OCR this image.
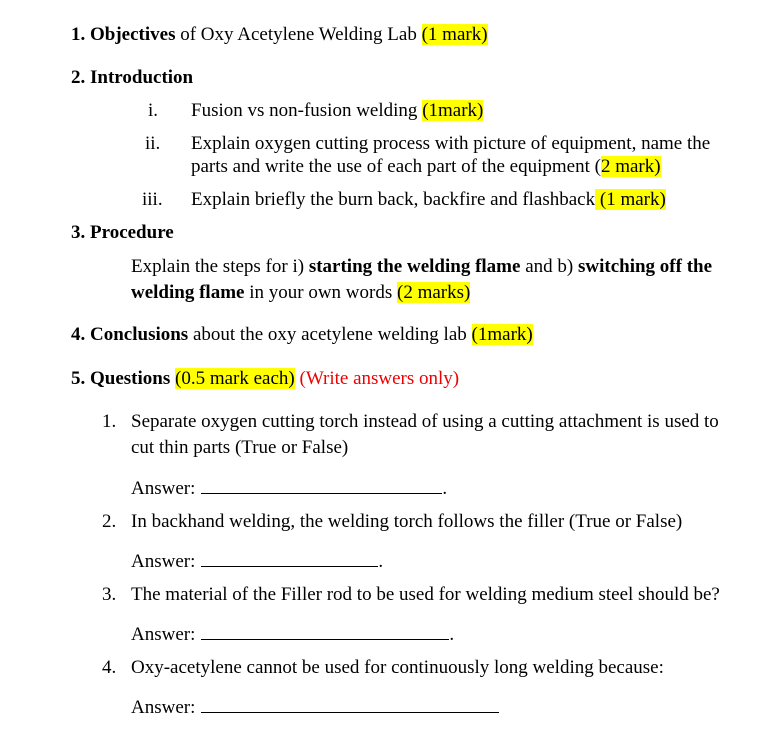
1. Objectives of Oxy Acetylene Welding Lab (1 mark)
2. Introduction
i. Fusion vs non-fusion welding (1mark)
ii. Explain oxygen cutting process with picture of equipment, name the
parts and write the use of each part of the equipment (2 mark)
iii. Explain briefly the burn back, backfire and flashback (1 mark)
3. Procedure
Explain the steps for i) starting the welding flame and b) switching off the
welding flame in your own words (2 marks)
4. Conclusions about the oxy acetylene welding lab (1mark)
5. Questions (0.5 mark each) (Write answers only)
1. Separate oxygen cutting torch instead of using a cutting attachment is used to
cut thin parts (True or False)
Answer:	.
2. In backhand welding, the welding torch follows the filler (True or False)
Answer:	.
3. The material of the Filler rod to be used for welding medium steel should be?
Answer:	.
4. Oxy-acetylene cannot be used for continuously long welding because:
Answer:
